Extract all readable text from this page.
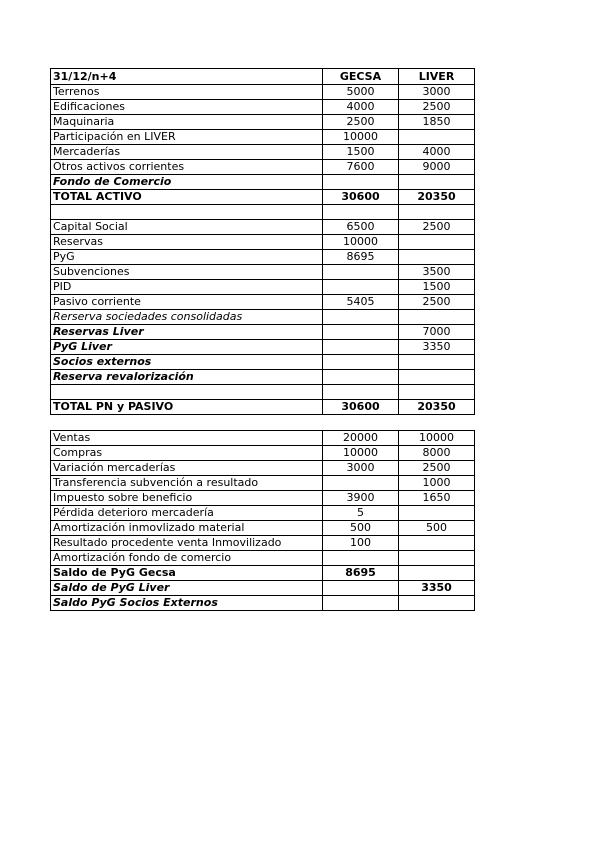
31/12/n+4	GECSA	LIVER
Terrenos	5000	3000
Edificaciones	4000	2500
Maquinaria	2500	1850
Participación en LIVER	10000	
Mercaderías	1500	4000
Otros activos corrientes	7600	9000
Fondo de Comercio		
TOTAL ACTIVO	30600	20350

Capital Social	6500	2500
Reservas	10000	
PyG	8695	
Subvenciones		3500
PID		1500
Pasivo corriente	5405	2500
Rerserva sociedades consolidadas		
Reservas Liver		7000
PyG Liver		3350
Socios externos		
Reserva revalorización		

TOTAL PN y PASIVO	30600	20350
Ventas	20000	10000
Compras	10000	8000
Variación mercaderías	3000	2500
Transferencia subvención a resultado		1000
Impuesto sobre beneficio	3900	1650
Pérdida deterioro mercadería	5	
Amortización inmovlizado material	500	500
Resultado procedente venta Inmovilizado	100	
Amortización fondo de comercio		
Saldo de PyG Gecsa	8695	
Saldo de PyG Liver		3350
Saldo PyG Socios Externos		
